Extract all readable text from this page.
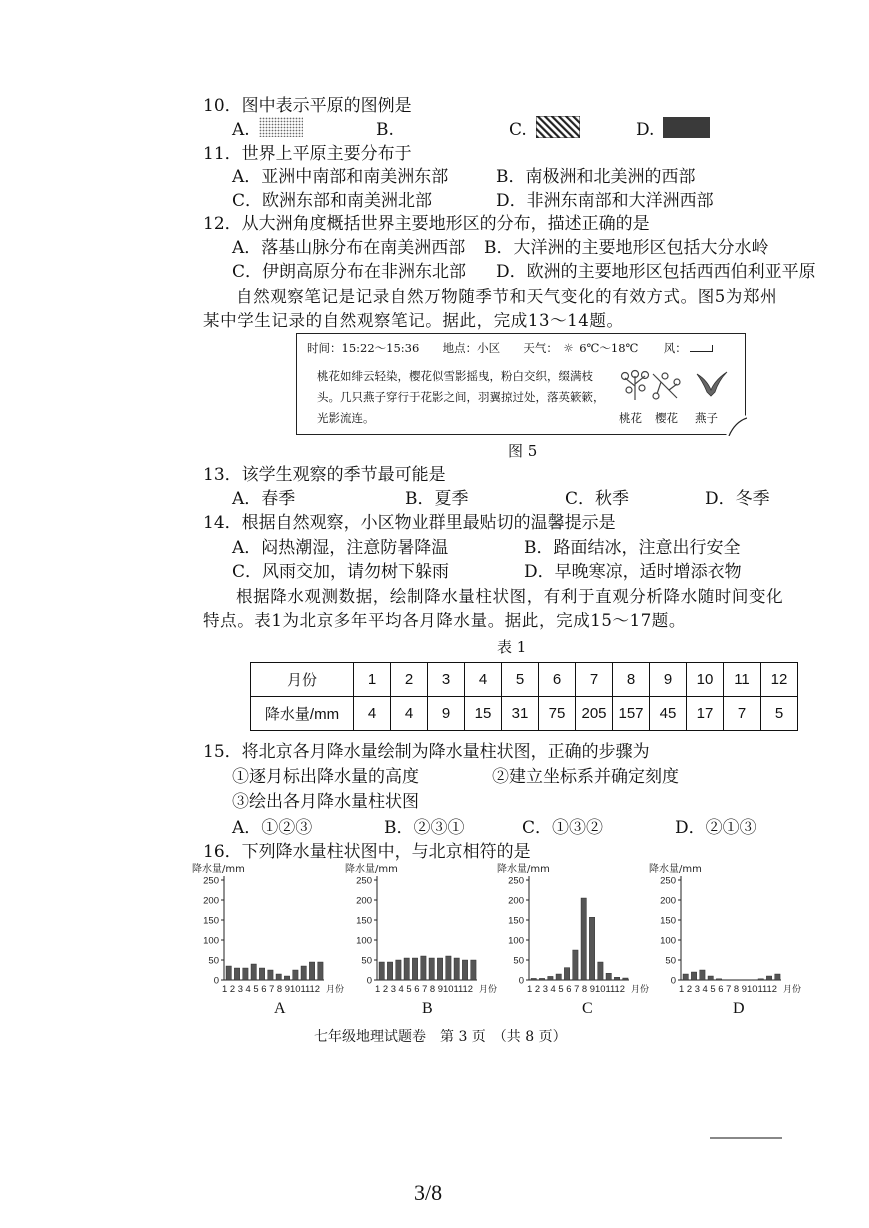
10．图中表示平原的图例是
A.	B.	C.	D.
11．世界上平原主要分布于
A．亚洲中南部和南美洲东部	B．南极洲和北美洲的西部
C．欧洲东部和南美洲北部	D．非洲东南部和大洋洲西部
12．从大洲角度概括世界主要地形区的分布，描述正确的是
A．落基山脉分布在南美洲西部 B．大洋洲的主要地形区包括大分水岭
C．伊朗高原分布在非洲东北部 D．欧洲的主要地形区包括西西伯利亚平原
自然观察笔记是记录自然万物随季节和天气变化的有效方式。图5为郑州
某中学生记录的自然观察笔记。据此，完成13～14题。
时间：15:22～15:36 地点：小区 天气： ☼ 6℃～18℃ 风：
桃花如绯云轻染，樱花似雪影摇曳，粉白交织，缀满枝头。几只燕子穿行于花影之间，羽翼掠过处，落英簌簌，光影流连。	桃花 樱花 燕子
图 5
13．该学生观察的季节最可能是
A．春季	B．夏季	C．秋季	D．冬季
14．根据自然观察，小区物业群里最贴切的温馨提示是
A．闷热潮湿，注意防暑降温	B．路面结冰，注意出行安全
C．风雨交加，请勿树下躲雨	D．早晚寒凉，适时增添衣物
根据降水观测数据，绘制降水量柱状图，有利于直观分析降水随时间变化
特点。表1为北京多年平均各月降水量。据此，完成15～17题。
表 1
月份	1	2	3	4	5	6	7	8	9	10	11	12
降水量/mm	4	4	9	15	31	75	205	157	45	17	7	5
15．将北京各月降水量绘制为降水量柱状图，正确的步骤为
①逐月标出降水量的高度	②建立坐标系并确定刻度
③绘出各月降水量柱状图
A．①②③	B．②③①	C．①③②	D．②①③
16．下列降水量柱状图中，与北京相符的是
降水量/mm
250
200
150
100
50
0
1 2 3 4 5 6 7 8 9101112 月份
降水量/mm
250
200
150
100
50
0
1 2 3 4 5 6 7 8 9101112 月份
降水量/mm
250
200
150
100
50
0
1 2 3 4 5 6 7 8 9101112 月份
降水量/mm
250
200
150
100
50
0
1 2 3 4 5 6 7 8 9101112 月份
A	B	C	D
七年级地理试题卷　第 3 页　（共 8 页）
3/8
